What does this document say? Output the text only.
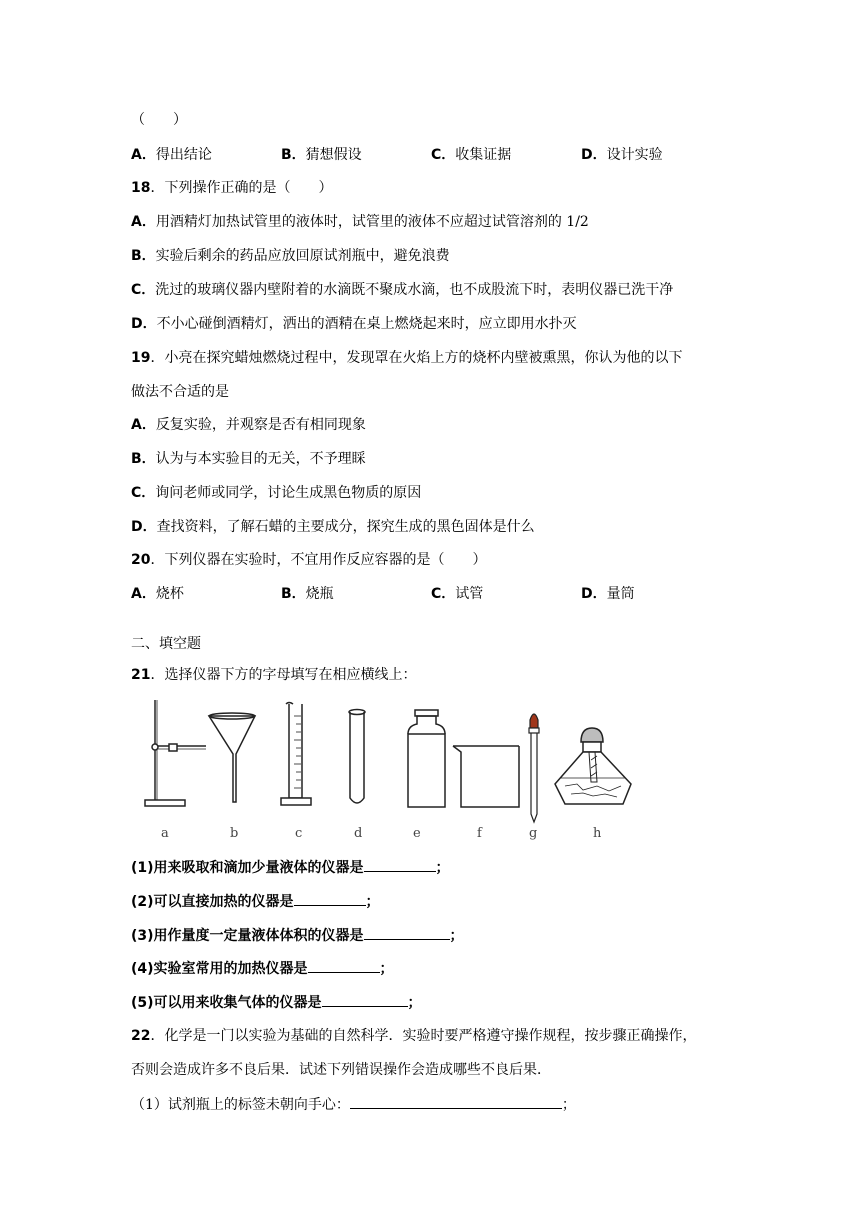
（　　）
A．得出结论	B．猜想假设	C．收集证据	D．设计实验
18．下列操作正确的是（　　）
A．用酒精灯加热试管里的液体时，试管里的液体不应超过试管溶剂的 1/2
B．实验后剩余的药品应放回原试剂瓶中，避免浪费
C．洗过的玻璃仪器内壁附着的水滴既不聚成水滴，也不成股流下时，表明仪器已洗干净
D．不小心碰倒酒精灯，洒出的酒精在桌上燃烧起来时，应立即用水扑灭
19．小亮在探究蜡烛燃烧过程中，发现罩在火焰上方的烧杯内壁被熏黑，你认为他的以下
做法不合适的是
A．反复实验，并观察是否有相同现象
B．认为与本实验目的无关，不予理睬
C．询问老师或同学，讨论生成黑色物质的原因
D．查找资料，了解石蜡的主要成分，探究生成的黑色固体是什么
20．下列仪器在实验时，不宜用作反应容器的是（　　）
A．烧杯	B．烧瓶	C．试管	D．量筒
二、填空题
21．选择仪器下方的字母填写在相应横线上：
a	b	c	d	e	f	g	h
(1)用来吸取和滴加少量液体的仪器是	；
(2)可以直接加热的仪器是	；
(3)用作量度一定量液体体积的仪器是	；
(4)实验室常用的加热仪器是	；
(5)可以用来收集气体的仪器是	；
22．化学是一门以实验为基础的自然科学．实验时要严格遵守操作规程，按步骤正确操作，
否则会造成许多不良后果．试述下列错误操作会造成哪些不良后果．
（1）试剂瓶上的标签未朝向手心：	；
